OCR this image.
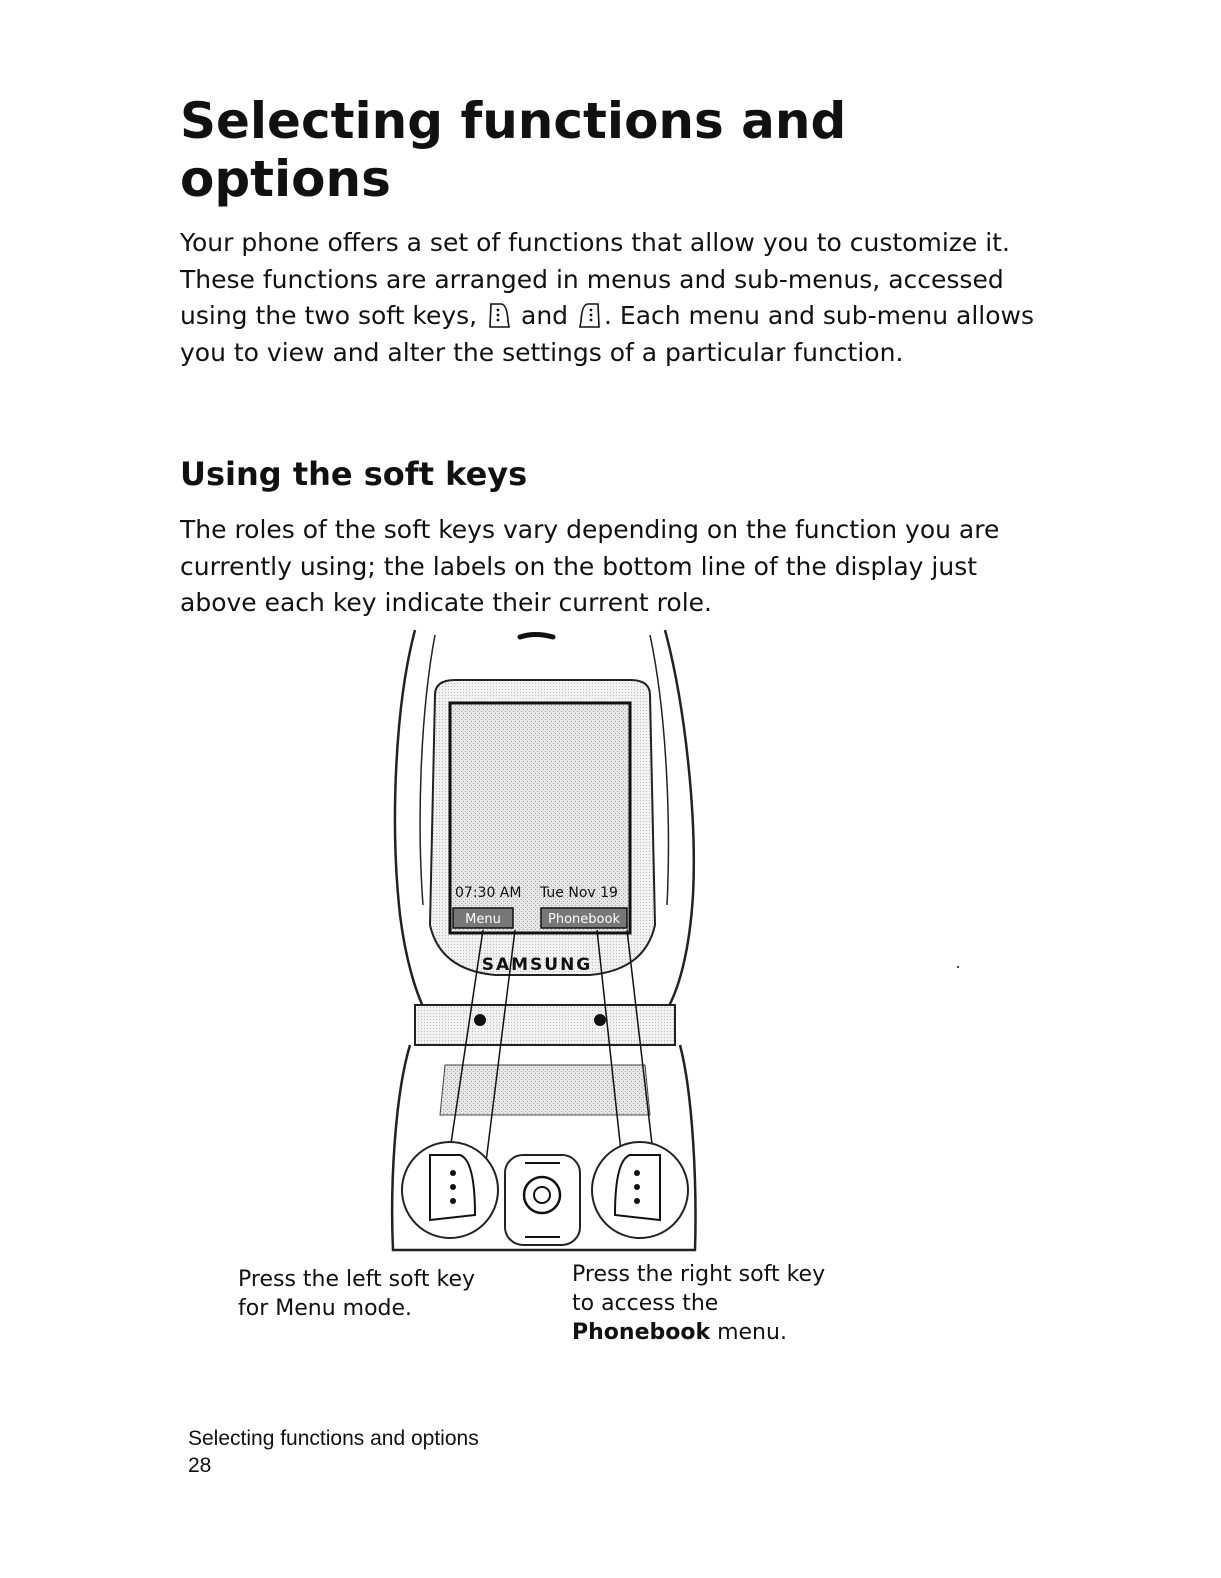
Selecting functions and
options

Your phone offers a set of functions that allow you to customize it. These functions are arranged in menus and sub-menus, accessed using the two soft keys,  and . Each menu and sub-menu allows you to view and alter the settings of a particular function.

Using the soft keys

The roles of the soft keys vary depending on the function you are currently using; the labels on the bottom line of the display just above each key indicate their current role.

07:30 AM Tue Nov 19
Menu	Phonebook
SAMSUNG

Press the left soft key
for Menu mode.

Press the right soft key
to access the
Phonebook menu.

Selecting functions and options
28
